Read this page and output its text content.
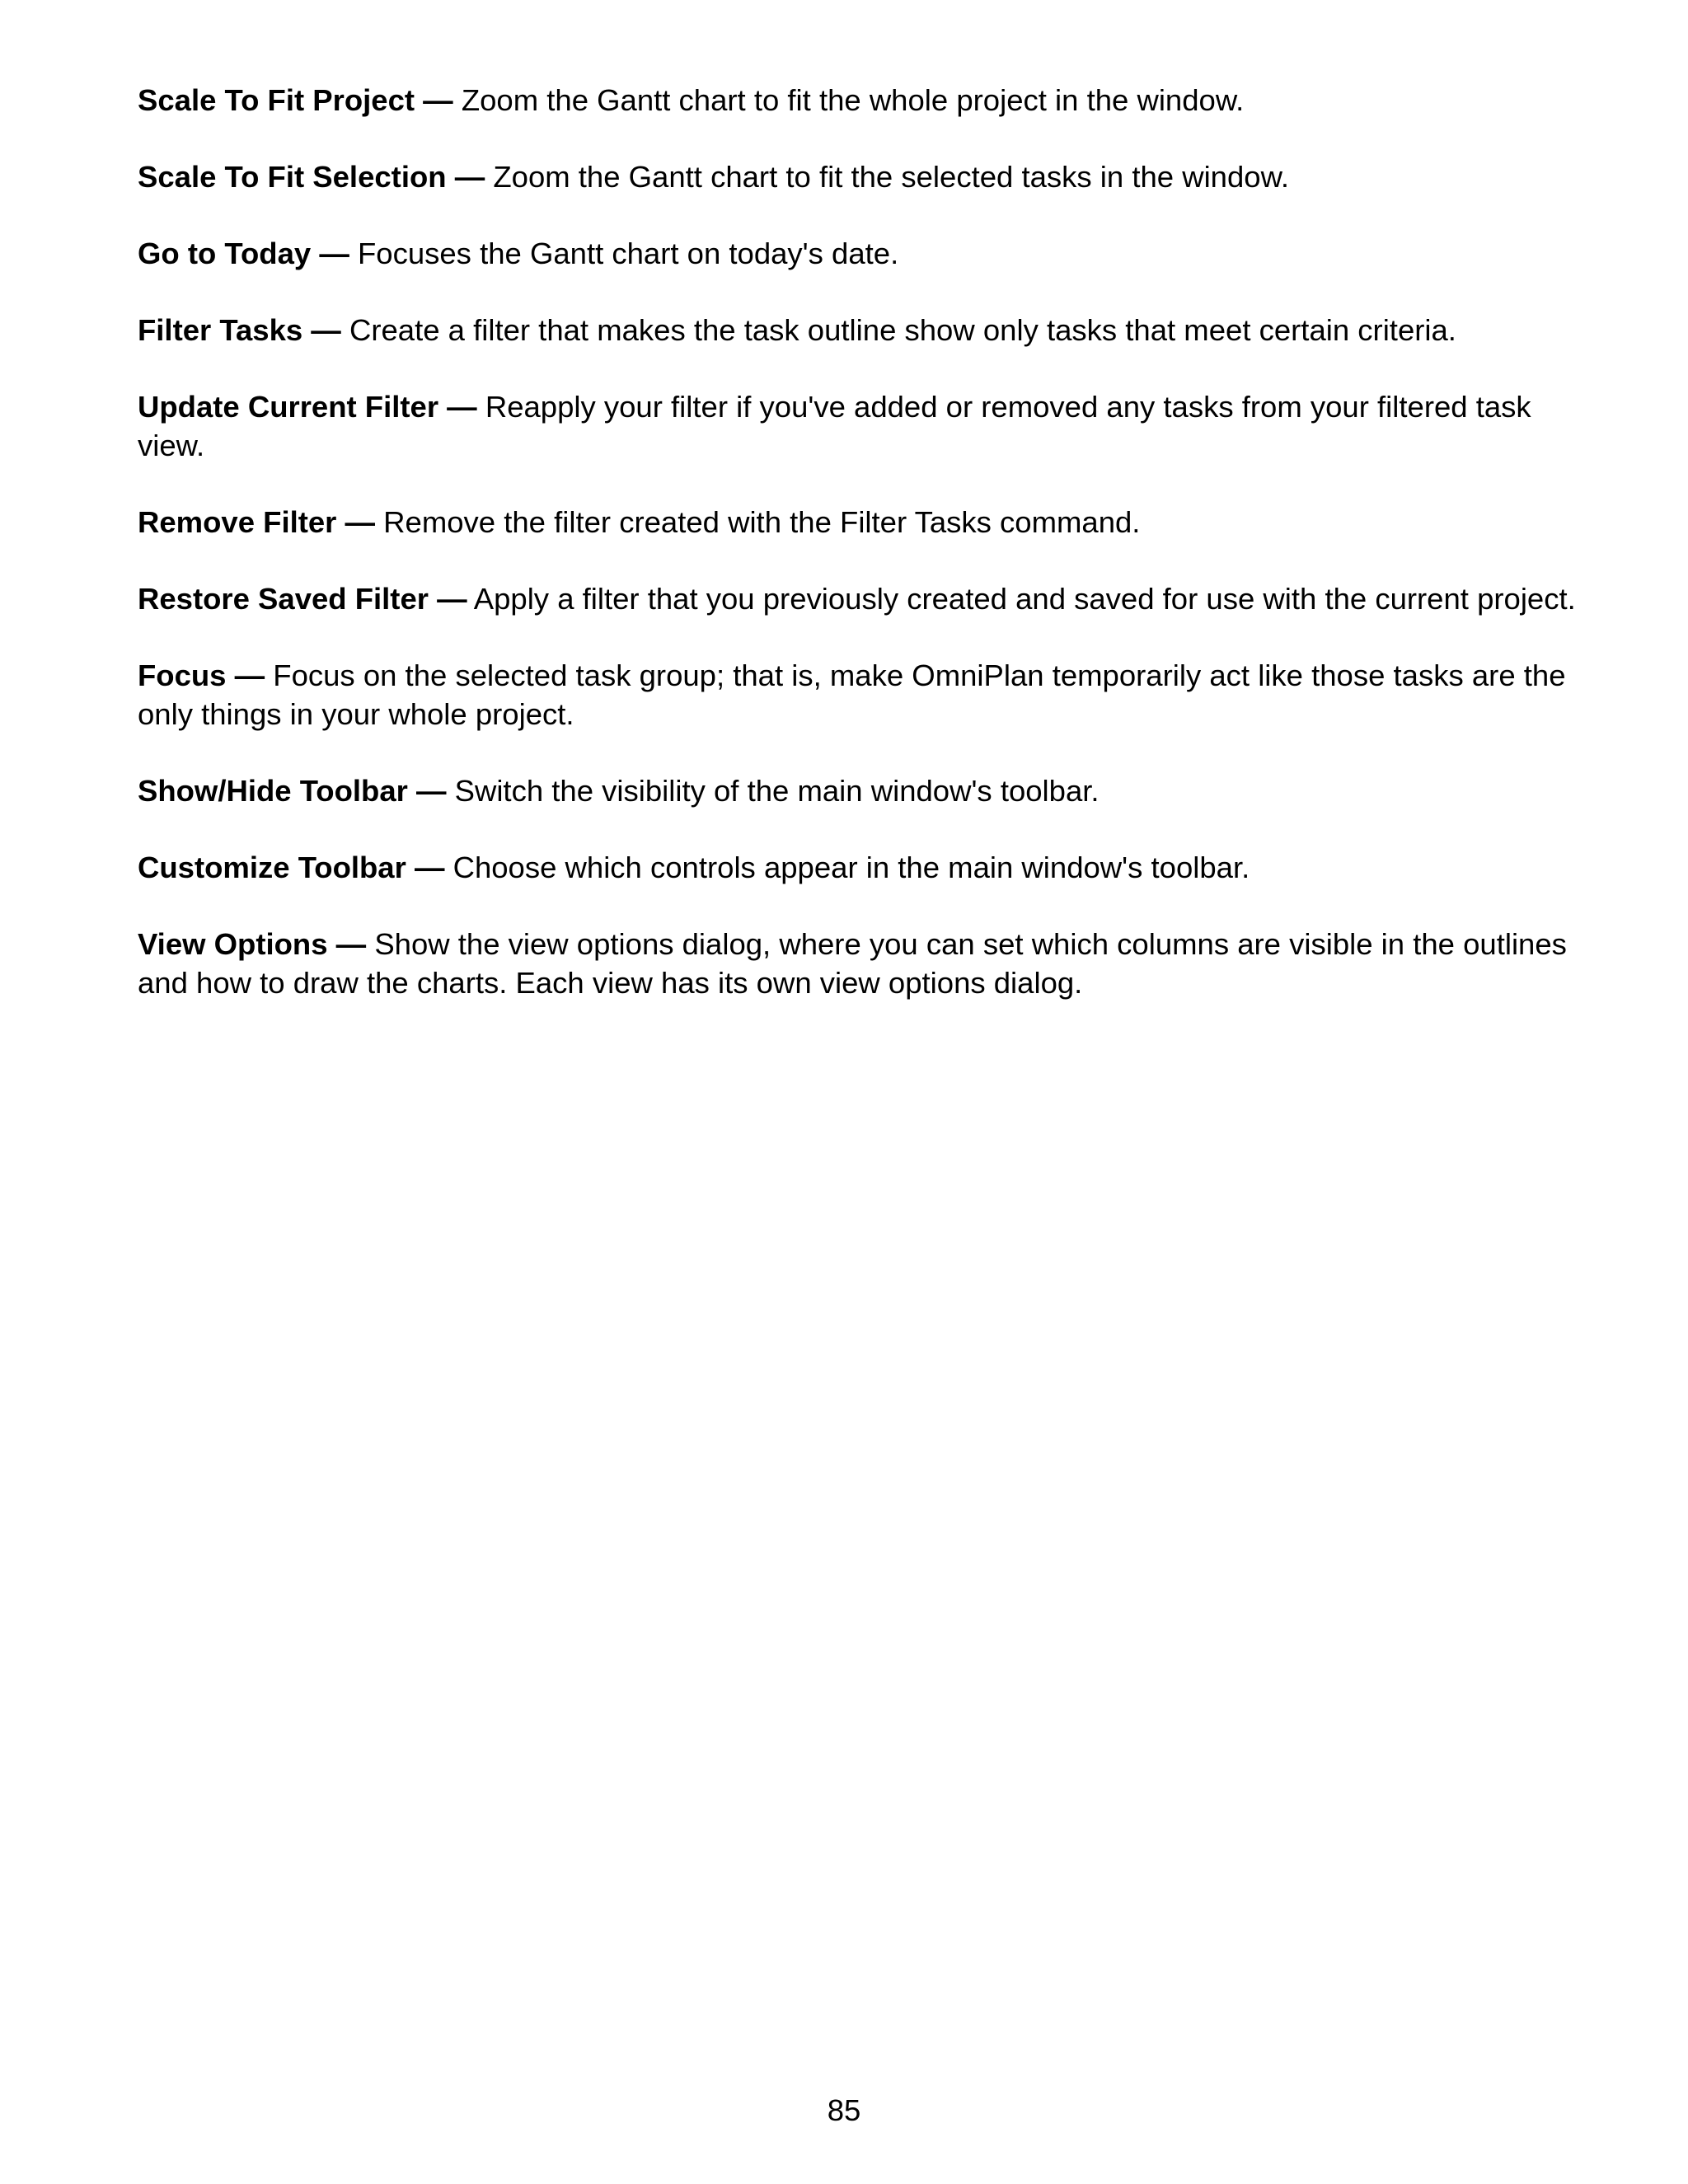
Scale To Fit Project — Zoom the Gantt chart to fit the whole project in the window.

Scale To Fit Selection — Zoom the Gantt chart to fit the selected tasks in the window.

Go to Today — Focuses the Gantt chart on today's date.

Filter Tasks — Create a filter that makes the task outline show only tasks that meet certain criteria.

Update Current Filter — Reapply your filter if you've added or removed any tasks from your filtered task view.

Remove Filter — Remove the filter created with the Filter Tasks command.

Restore Saved Filter — Apply a filter that you previously created and saved for use with the current project.

Focus — Focus on the selected task group; that is, make OmniPlan temporarily act like those tasks are the only things in your whole project.

Show/Hide Toolbar — Switch the visibility of the main window's toolbar.

Customize Toolbar — Choose which controls appear in the main window's toolbar.

View Options — Show the view options dialog, where you can set which columns are visible in the outlines and how to draw the charts. Each view has its own view options dialog.

85
